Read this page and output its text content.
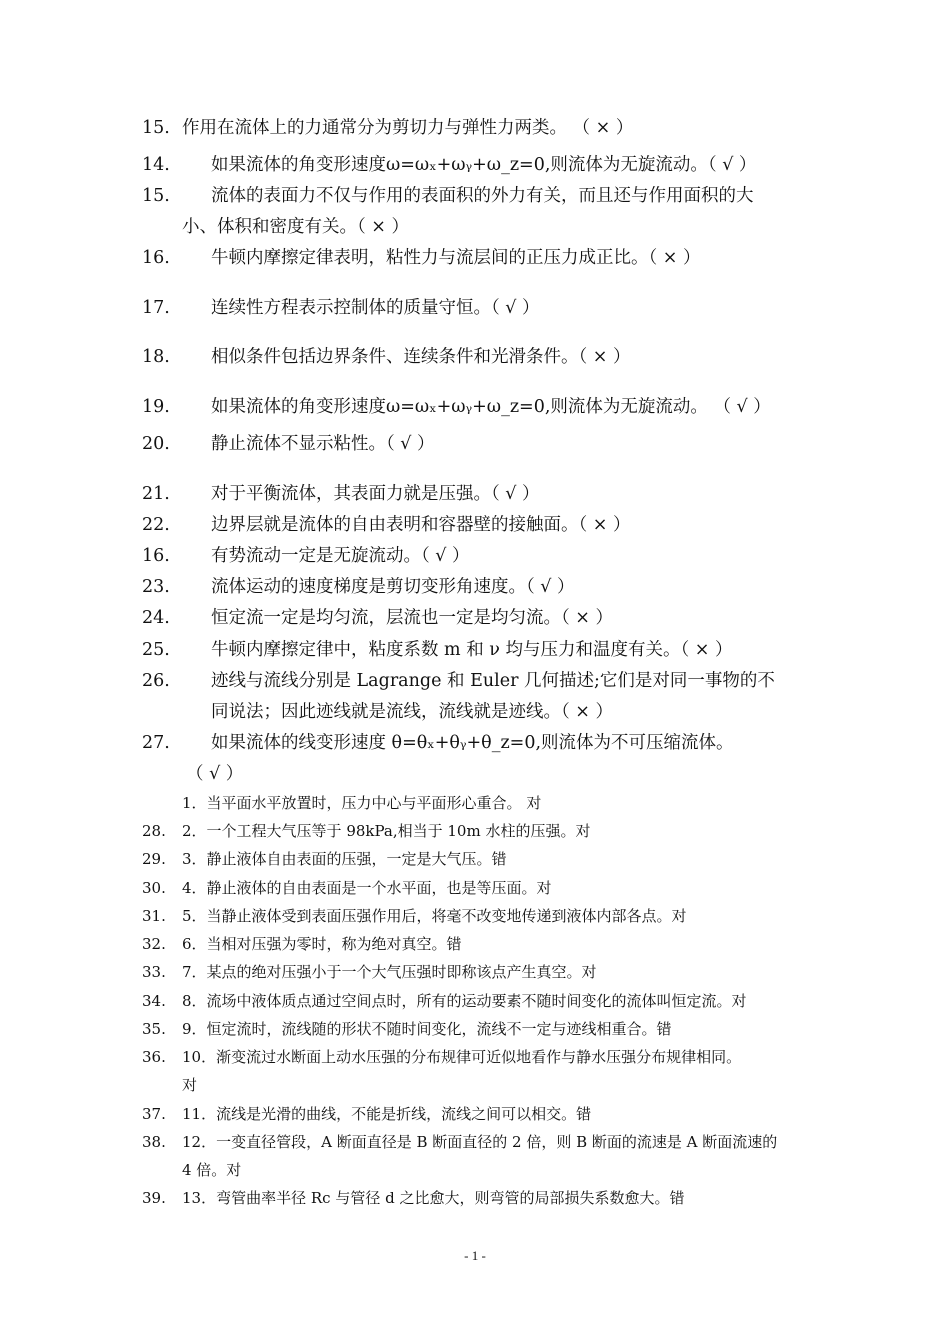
15. 作用在流体上的力通常分为剪切力与弹性力两类。 （ × ）
14. 如果流体的角变形速度ω=ωₓ+ωᵧ+ω_z=0,则流体为无旋流动。（ √ ）
15. 流体的表面力不仅与作用的表面积的外力有关，而且还与作用面积的大
小、体积和密度有关。（ × ）
16. 牛顿内摩擦定律表明，粘性力与流层间的正压力成正比。（ × ）
17. 连续性方程表示控制体的质量守恒。（ √ ）
18. 相似条件包括边界条件、连续条件和光滑条件。（ × ）
19. 如果流体的角变形速度ω=ωₓ+ωᵧ+ω_z=0,则流体为无旋流动。 （ √ ）
20. 静止流体不显示粘性。（ √ ）
21. 对于平衡流体，其表面力就是压强。（ √ ）
22. 边界层就是流体的自由表明和容器壁的接触面。（ × ）
16. 有势流动一定是无旋流动。（ √ ）
23. 流体运动的速度梯度是剪切变形角速度。（ √ ）
24. 恒定流一定是均匀流，层流也一定是均匀流。（ × ）
25. 牛顿内摩擦定律中，粘度系数 m 和 ν 均与压力和温度有关。（ × ）
26. 迹线与流线分别是 Lagrange 和 Euler 几何描述;它们是对同一事物的不
同说法；因此迹线就是流线，流线就是迹线。（ × ）
27. 如果流体的线变形速度 θ=θₓ+θᵧ+θ_z=0,则流体为不可压缩流体。
（ √ ）
1．当平面水平放置时，压力中心与平面形心重合。 对
28. 2．一个工程大气压等于 98kPa,相当于 10m 水柱的压强。对
29. 3．静止液体自由表面的压强，一定是大气压。错
30. 4．静止液体的自由表面是一个水平面，也是等压面。对
31. 5．当静止液体受到表面压强作用后，将毫不改变地传递到液体内部各点。对
32. 6．当相对压强为零时，称为绝对真空。错
33. 7．某点的绝对压强小于一个大气压强时即称该点产生真空。对
34. 8．流场中液体质点通过空间点时，所有的运动要素不随时间变化的流体叫恒定流。对
35. 9．恒定流时，流线随的形状不随时间变化，流线不一定与迹线相重合。错
36. 10．渐变流过水断面上动水压强的分布规律可近似地看作与静水压强分布规律相同。
对
37. 11．流线是光滑的曲线，不能是折线，流线之间可以相交。错
38. 12．一变直径管段，A 断面直径是 B 断面直径的 2 倍，则 B 断面的流速是 A 断面流速的
4 倍。对
39. 13．弯管曲率半径 Rc 与管径 d 之比愈大，则弯管的局部损失系数愈大。错
- 1 -
